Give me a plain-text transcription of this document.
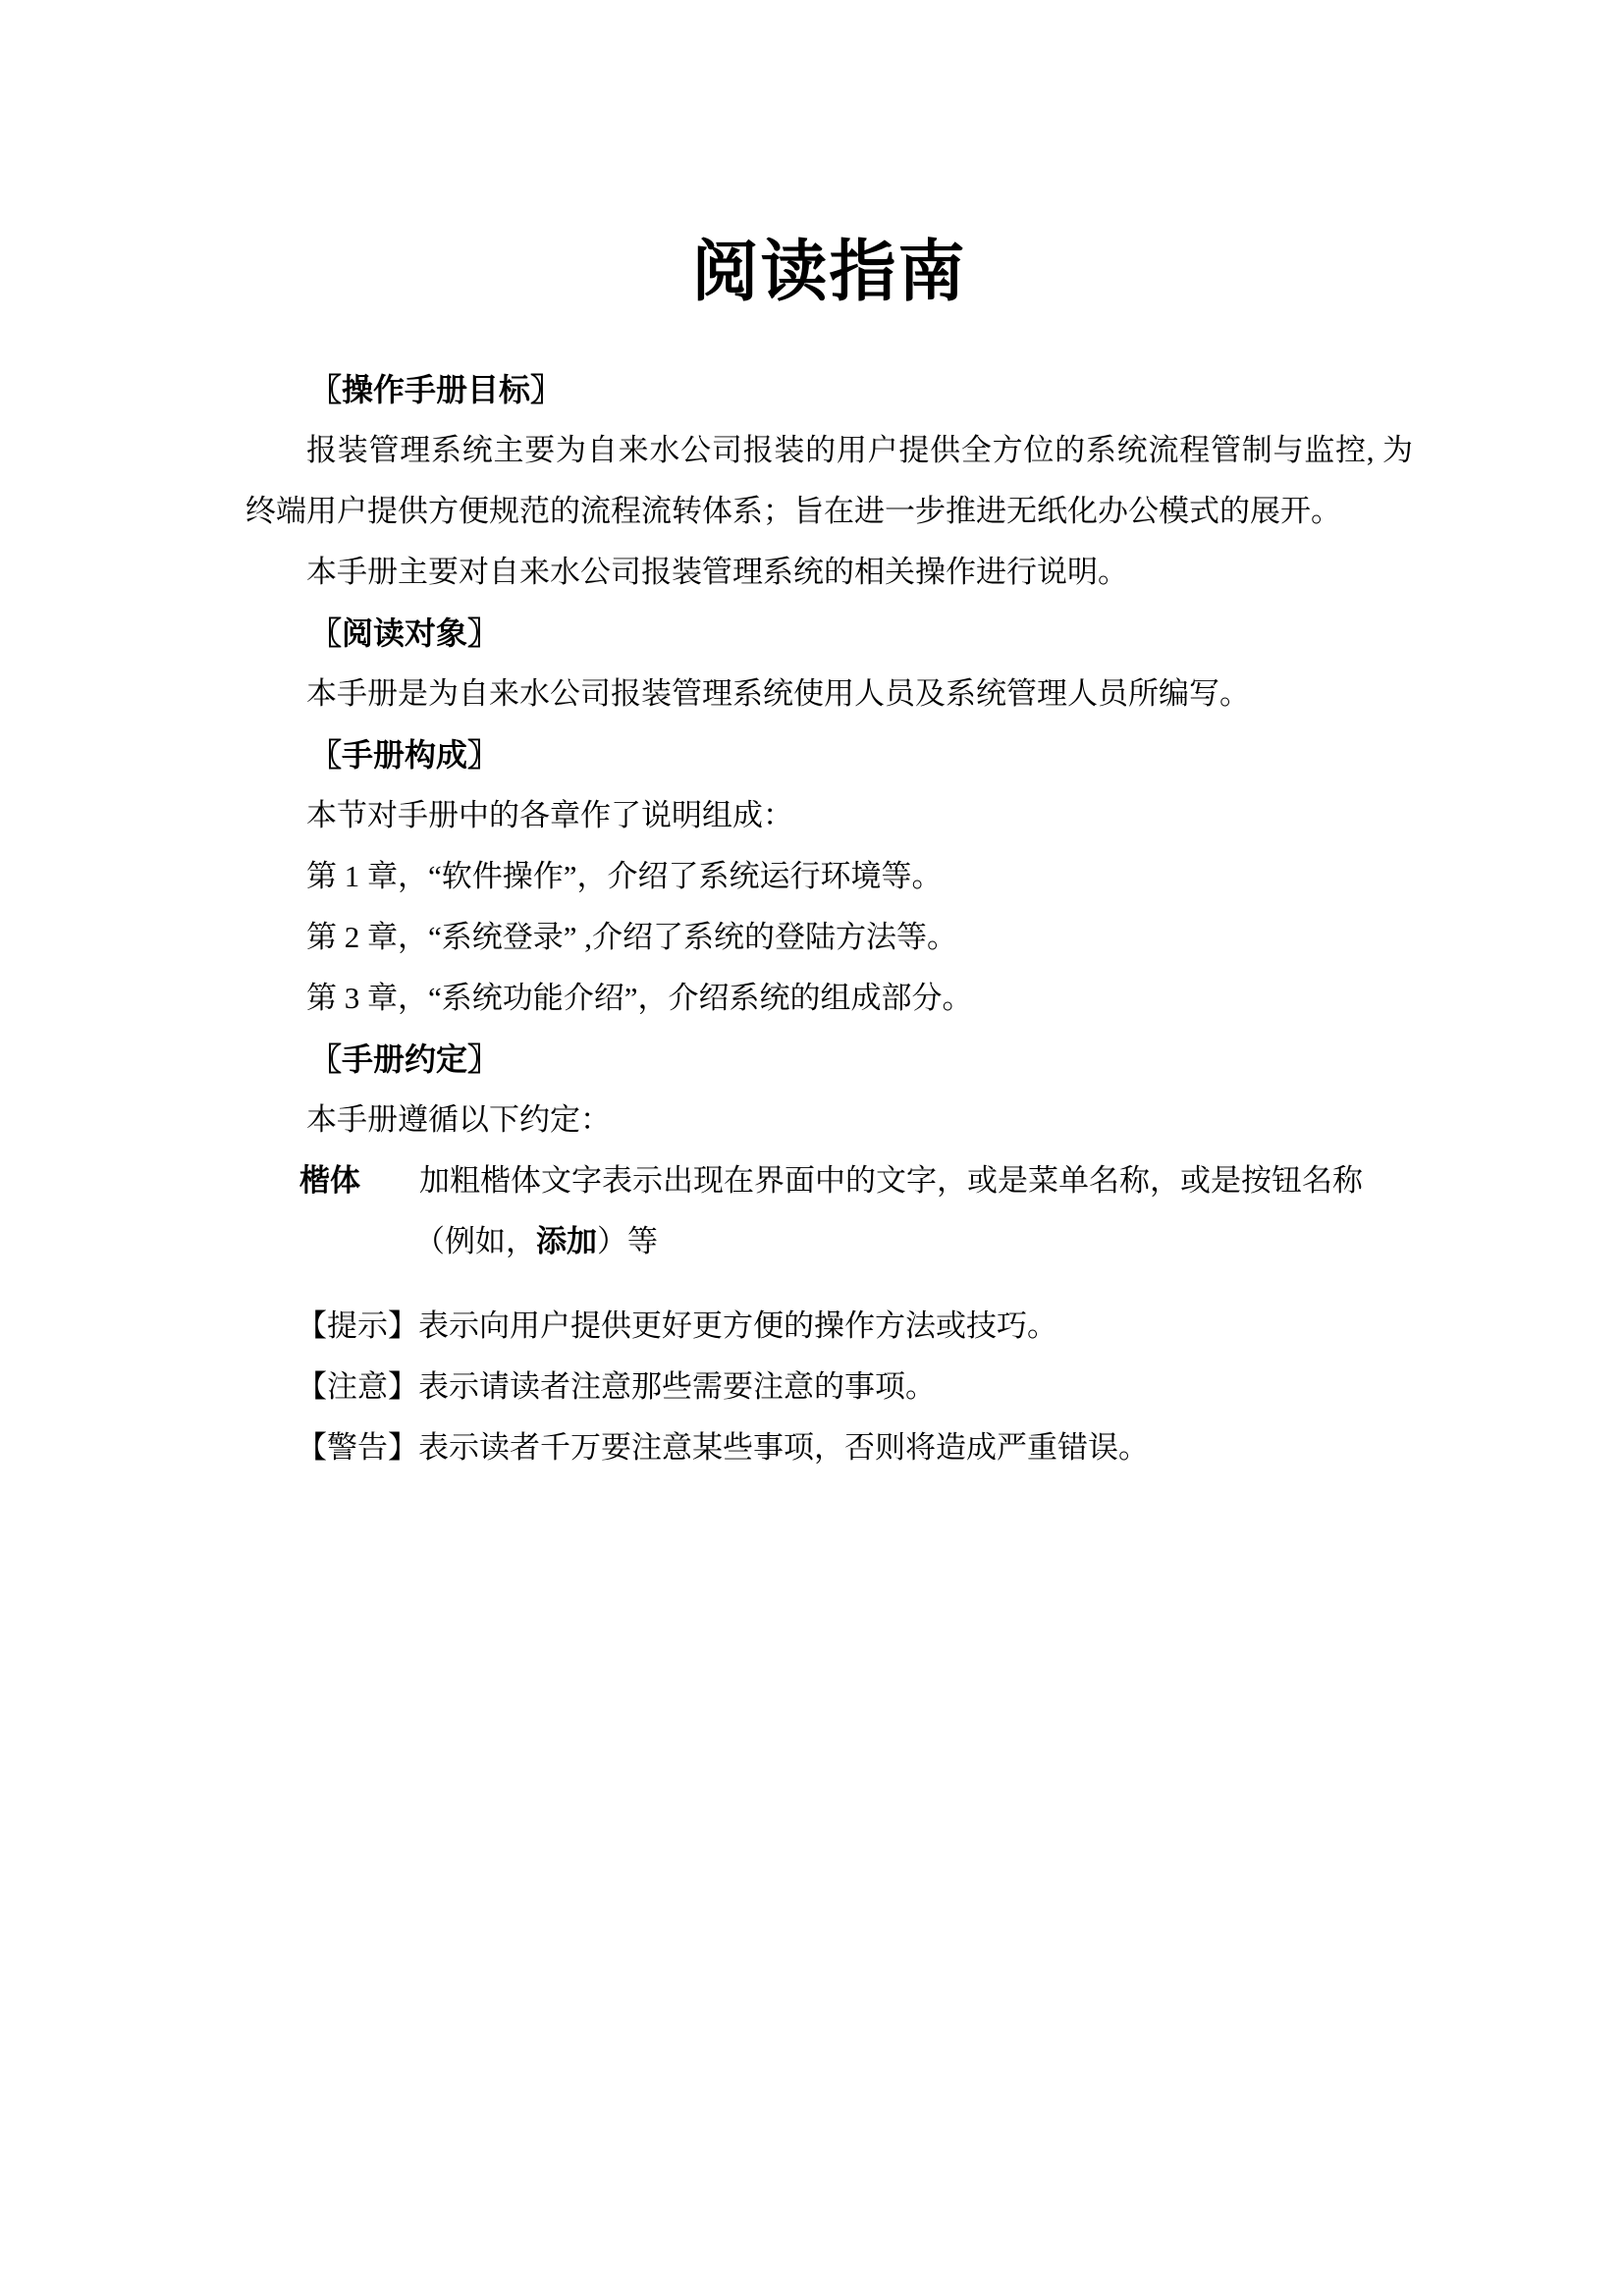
阅读指南
〖操作手册目标〗

报装管理系统主要为自来水公司报装的用户提供全方位的系统流程管制与监控, 为终端用户提供方便规范的流程流转体系；旨在进一步推进无纸化办公模式的展开。

本手册主要对自来水公司报装管理系统的相关操作进行说明。

〖阅读对象〗

本手册是为自来水公司报装管理系统使用人员及系统管理人员所编写。

〖手册构成〗

本节对手册中的各章作了说明组成：

第 1 章，“软件操作”，介绍了系统运行环境等。

第 2 章，“系统登录” ,介绍了系统的登陆方法等。

第 3 章，“系统功能介绍”，介绍系统的组成部分。

〖手册约定〗

本手册遵循以下约定：

楷体 加粗楷体文字表示出现在界面中的文字，或是菜单名称，或是按钮名称

（例如，添加）等

【提示】表示向用户提供更好更方便的操作方法或技巧。

【注意】表示请读者注意那些需要注意的事项。

【警告】表示读者千万要注意某些事项，否则将造成严重错误。
